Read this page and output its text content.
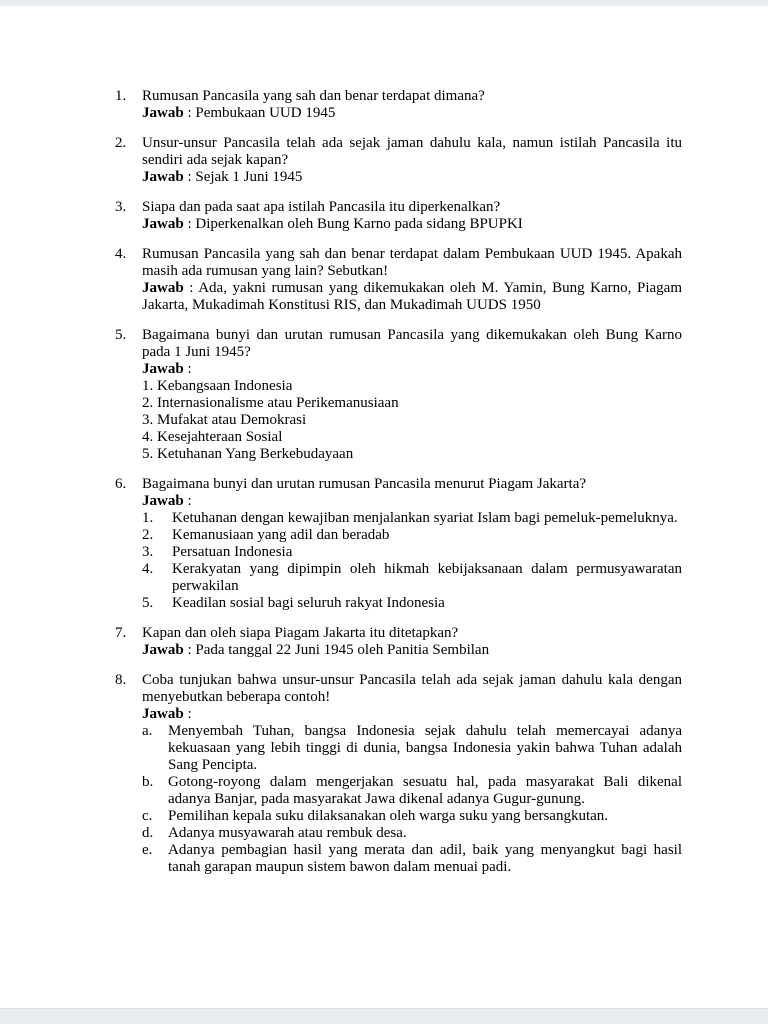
1.	Rumusan Pancasila yang sah dan benar terdapat dimana?
Jawab : Pembukaan UUD 1945
2.	Unsur-unsur Pancasila telah ada sejak jaman dahulu kala, namun istilah Pancasila itu sendiri ada sejak kapan?
Jawab : Sejak 1 Juni 1945
3.	Siapa dan pada saat apa istilah Pancasila itu diperkenalkan?
Jawab : Diperkenalkan oleh Bung Karno pada sidang BPUPKI
4.	Rumusan Pancasila yang sah dan benar terdapat dalam Pembukaan UUD 1945. Apakah masih ada rumusan yang lain? Sebutkan!
Jawab : Ada, yakni rumusan yang dikemukakan oleh M. Yamin, Bung Karno, Piagam Jakarta, Mukadimah Konstitusi RIS, dan Mukadimah UUDS 1950
5.	Bagaimana bunyi dan urutan rumusan Pancasila yang dikemukakan oleh Bung Karno pada 1 Juni 1945?
Jawab :
1. Kebangsaan Indonesia
2. Internasionalisme atau Perikemanusiaan
3. Mufakat atau Demokrasi
4. Kesejahteraan Sosial
5. Ketuhanan Yang Berkebudayaan
6.	Bagaimana bunyi dan urutan rumusan Pancasila menurut Piagam Jakarta?
Jawab :
1.	Ketuhanan dengan kewajiban menjalankan syariat Islam bagi pemeluk-pemeluknya.
2.	Kemanusiaan yang adil dan beradab
3.	Persatuan Indonesia
4.	Kerakyatan yang dipimpin oleh hikmah kebijaksanaan dalam permusyawaratan perwakilan
5.	Keadilan sosial bagi seluruh rakyat Indonesia
7.	Kapan dan oleh siapa Piagam Jakarta itu ditetapkan?
Jawab : Pada tanggal 22 Juni 1945 oleh Panitia Sembilan
8.	Coba tunjukan bahwa unsur-unsur Pancasila telah ada sejak jaman dahulu kala dengan menyebutkan beberapa contoh!
Jawab :
a.	Menyembah Tuhan, bangsa Indonesia sejak dahulu telah memercayai adanya kekuasaan yang lebih tinggi di dunia, bangsa Indonesia yakin bahwa Tuhan adalah Sang Pencipta.
b. Gotong-royong dalam mengerjakan sesuatu hal, pada masyarakat Bali dikenal adanya Banjar, pada masyarakat Jawa dikenal adanya Gugur-gunung.
c.	Pemilihan kepala suku dilaksanakan oleh warga suku yang bersangkutan.
d. Adanya musyawarah atau rembuk desa.
e.	Adanya pembagian hasil yang merata dan adil, baik yang menyangkut bagi hasil tanah garapan maupun sistem bawon dalam menuai padi.
